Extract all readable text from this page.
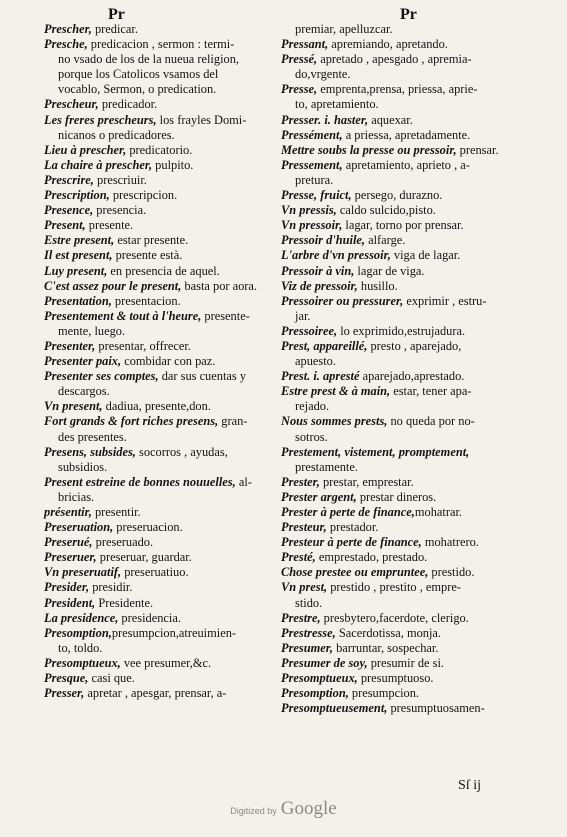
Pr	Pr
Prescher, predicar.
Presche, predicacion , sermon : termi-
no vsado de los de la nueua religion,
porque los Catolicos vsamos del
vocablo, Sermon, o predication.
Prescheur, predicador.
Les freres prescheurs, los frayles Domi-
nicanos o predicadores.
Lieu à prescher, predicatorio.
La chaire à prescher, pulpito.
Prescrire, prescriuir.
Prescription, prescripcion.
Presence, presencia.
Present, presente.
Estre present, estar presente.
Il est present, presente està.
Luy present, en presencia de aquel.
C'est assez pour le present, basta por aora.
Presentation, presentacion.
Presentement & tout à l'heure, presente-
mente, luego.
Presenter, presentar, offrecer.
Presenter paix, combidar con paz.
Presenter ses comptes, dar sus cuentas y
descargos.
Vn present, dadiua, presente,don.
Fort grands & fort riches presens, gran-
des presentes.
Presens, subsides, socorros , ayudas,
subsidios.
Present estreine de bonnes nouuelles, al-
bricias.
présentir, presentir.
Preseruation, preseruacion.
Preserué, preseruado.
Preseruer, preseruar, guardar.
Vn preseruatif, preseruatiuo.
Presider, presidir.
President, Presidente.
La presidence, presidencia.
Presomption,presumpcion,atreuimien-
to, toldo.
Presomptueux, vee presumer,&c.
Presque, casi que.
Presser, apretar , apesgar, prensar, a-
premiar, apelluzcar.
Pressant, apremiando, apretando.
Pressé, apretado , apesgado , apremia-
do,vrgente.
Presse, emprenta,prensa, priessa, aprie-
to, apretamiento.
Presser. i. haster, aquexar.
Pressément, a priessa, apretadamente.
Mettre soubs la presse ou pressoir, prensar.
Pressement, apretamiento, aprieto , a-
pretura.
Presse, fruict, persego, durazno.
Vn pressis, caldo sulcido,pisto.
Vn pressoir, lagar, torno por prensar.
Pressoir d'huile, alfarge.
L'arbre d'vn pressoir, viga de lagar.
Pressoir à vin, lagar de viga.
Viz de pressoir, husillo.
Pressoirer ou pressurer, exprimir , estru-
jar.
Pressoiree, lo exprimido,estrujadura.
Prest, appareillé, presto , aparejado,
apuesto.
Prest. i. apresté aparejado,aprestado.
Estre prest & à main, estar, tener apa-
rejado.
Nous sommes prests, no queda por no-
sotros.
Prestement, vistement, promptement,
prestamente.
Prester, prestar, emprestar.
Prester argent, prestar dineros.
Prester à perte de finance,mohatrar.
Presteur, prestador.
Presteur à perte de finance, mohatrero.
Presté, emprestado, prestado.
Chose prestee ou empruntee, prestido.
Vn prest, prestido , prestito , empre-
stido.
Prestre, presbytero,facerdote, clerigo.
Prestresse, Sacerdotissa, monja.
Presumer, barruntar, sospechar.
Presumer de soy, presumir de si.
Presomptueux, presumptuoso.
Presomption, presumpcion.
Presomptueusement, presumptuosamen-
Sſ ij
Digitized by Google
